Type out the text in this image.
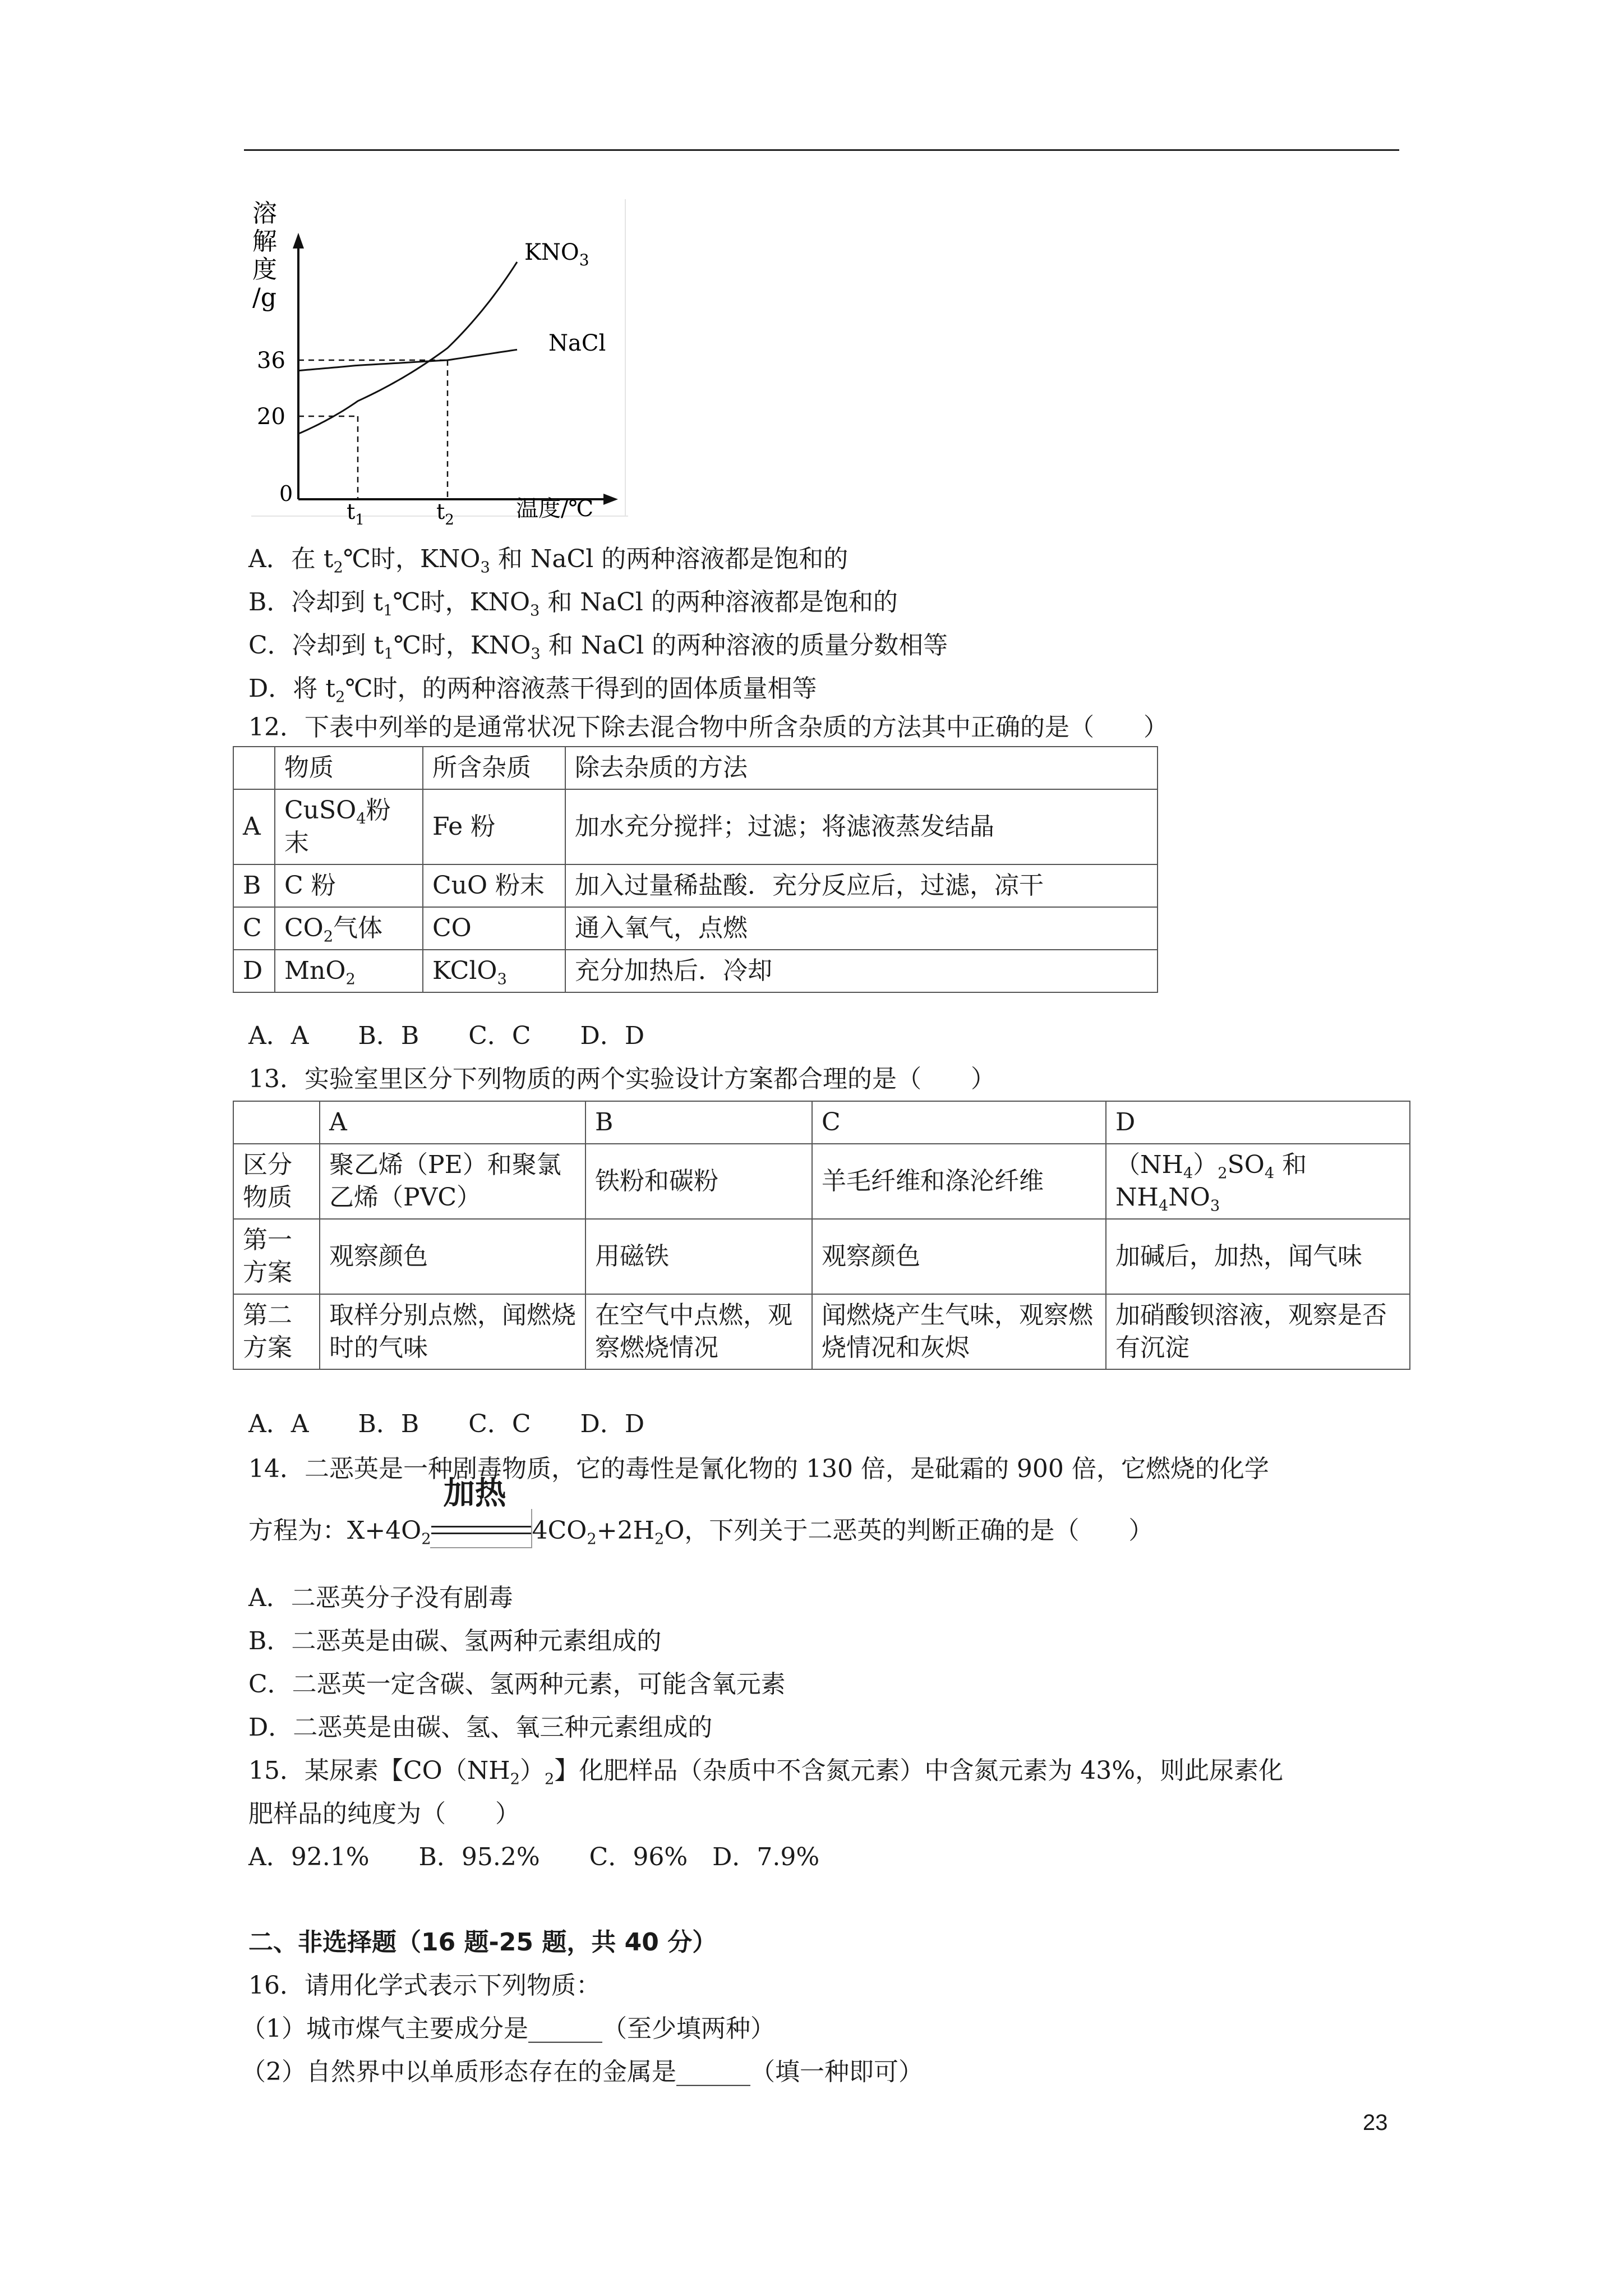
溶
解
度
/g
36
20
$t_1$	$t_2$
$KNO_3$
NaCl
0
温度/℃
A．在 $t_2℃$时，$KNO_3$ 和 NaCl 的两种溶液都是饱和的
B．冷却到 $t_1℃$时，$KNO_3$ 和 NaCl 的两种溶液都是饱和的
C．冷却到 $t_1℃$时，$KNO_3$ 和 NaCl 的两种溶液的质量分数相等
D．将 $t_2℃$时，的两种溶液蒸干得到的固体质量相等
12．下表中列举的是通常状况下除去混合物中所含杂质的方法其中正确的是（　　）
	物质	所含杂质	除去杂质的方法
A	CuSO$_4$粉末	Fe 粉	加水充分搅拌；过滤；将滤液蒸发结晶
B	C 粉	CuO 粉末	加入过量稀盐酸．充分反应后，过滤，凉干
C	$CO_2$气体	CO	通入氧气，点燃
D	MnO$_2$	KClO$_3$	充分加热后．冷却
A．A　　B．B　　C．C　　D．D
13．实验室里区分下列物质的两个实验设计方案都合理的是（　　）
	A	B	C	D
区分物质	聚乙烯（PE）和聚氯乙烯（PVC）	铁粉和碳粉	羊毛纤维和涤沦纤维	$(NH_4)_2SO_4$ 和
$NH_4NO_3$
第一方案	观察颜色	用磁铁	观察颜色	加碱后，加热，闻气味
第二方案	取样分别点燃，闻燃烧时的气味	在空气中点燃，观察燃烧情况	闻燃烧产生气味，观察燃烧情况和灰烬	加硝酸钡溶液，观察是否有沉淀
A．A　　B．B　　C．C　　D．D
14．二恶英是一种剧毒物质，它的毒性是氰化物的 130 倍，是砒霜的 900 倍，它燃烧的化学
方程为：$X+4O_2$
加热
$4CO_2+2H_2O$，下列关于二恶英的判断正确的是（　　）
A．二恶英分子没有剧毒
B．二恶英是由碳、氢两种元素组成的
C．二恶英一定含碳、氢两种元素，可能含氧元素
D．二恶英是由碳、氢、氧三种元素组成的
15．某尿素【$CO(NH_2)_2$】化肥样品（杂质中不含氮元素）中含氮元素为 43%，则此尿素化
肥样品的纯度为（　　）
A．92.1%　　B．95.2%　　C．96%　D．7.9%
二、非选择题（16 题-25 题，共 40 分）
16．请用化学式表示下列物质：
（1）城市煤气主要成分是______（至少填两种）
（2）自然界中以单质形态存在的金属是______（填一种即可）
23
